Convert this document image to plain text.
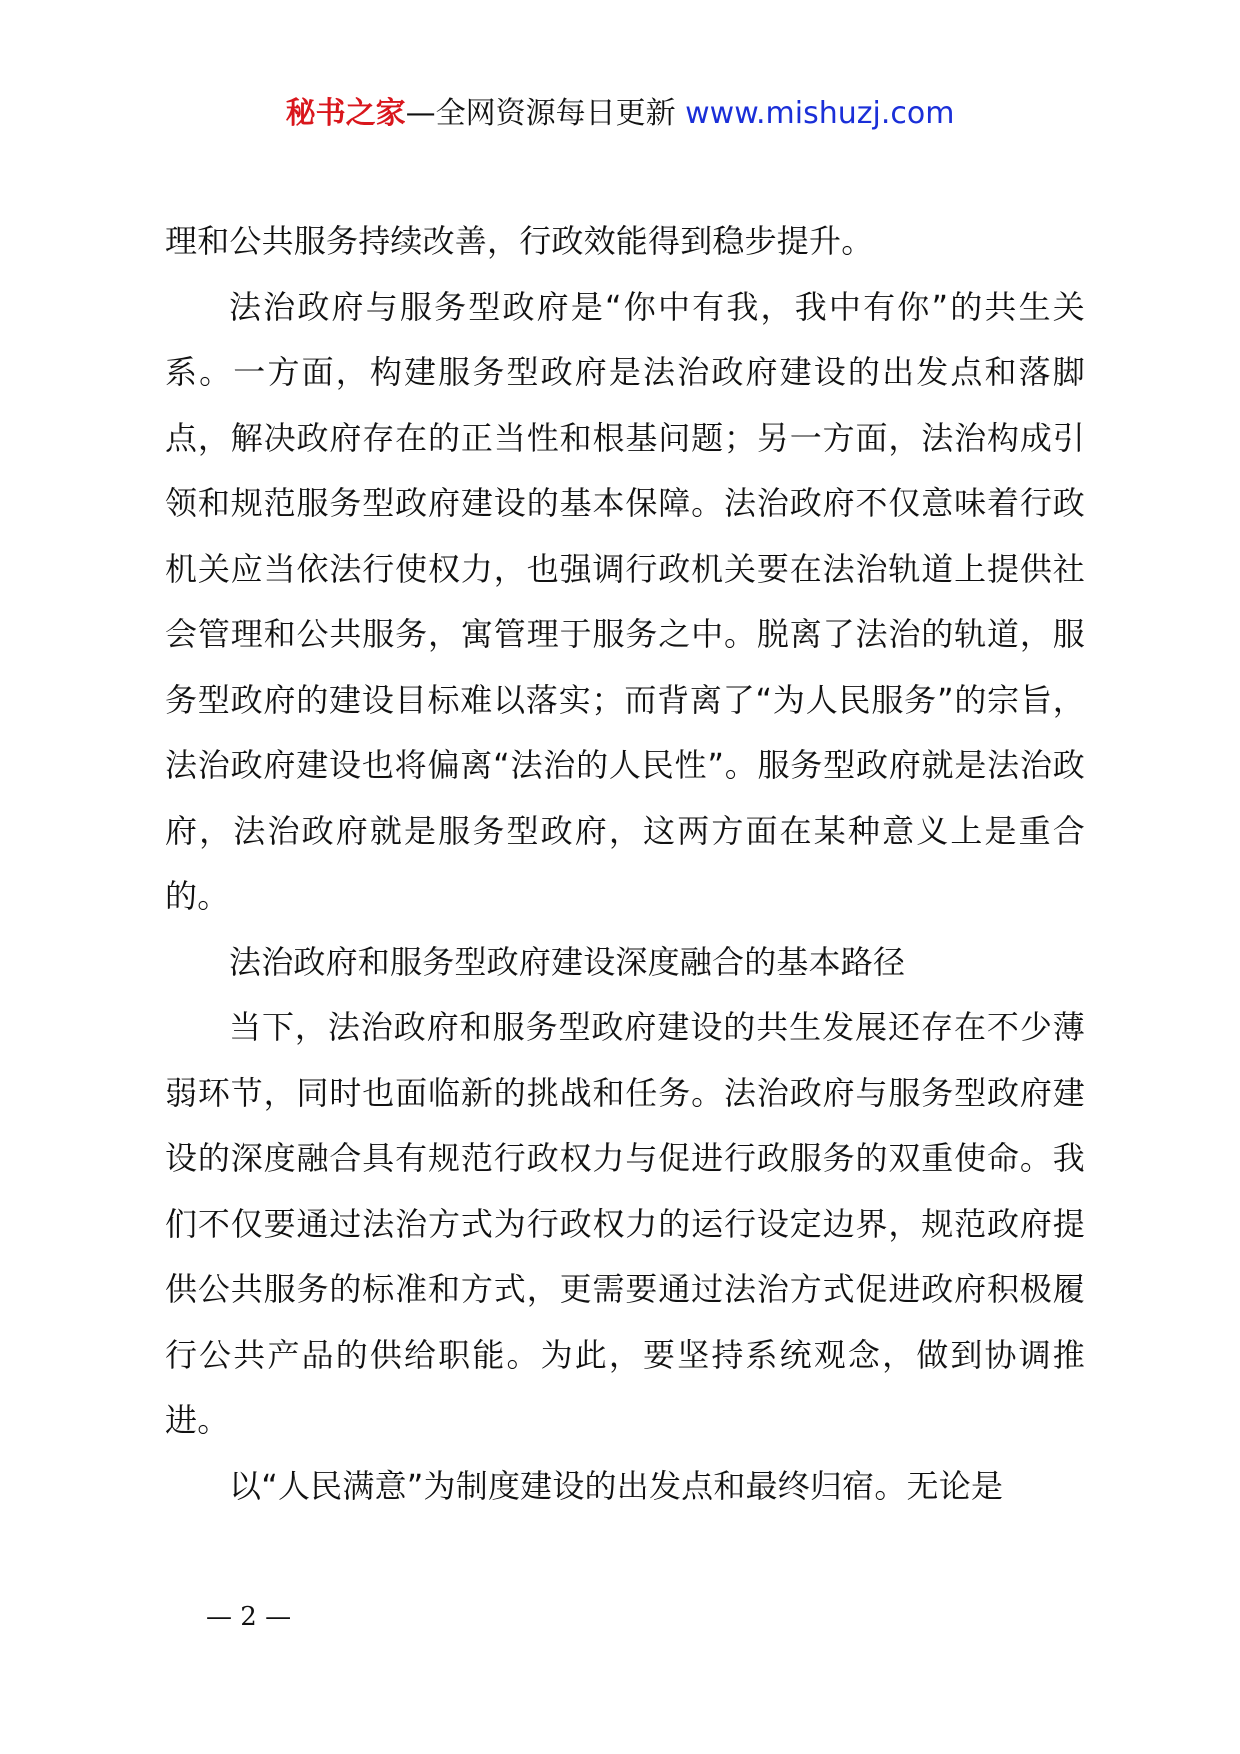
秘书之家—全网资源每日更新 www.mishuzj.com

理和公共服务持续改善，行政效能得到稳步提升。

法治政府与服务型政府是“你中有我，我中有你”的共生关系。一方面，构建服务型政府是法治政府建设的出发点和落脚点，解决政府存在的正当性和根基问题；另一方面，法治构成引领和规范服务型政府建设的基本保障。法治政府不仅意味着行政机关应当依法行使权力，也强调行政机关要在法治轨道上提供社会管理和公共服务，寓管理于服务之中。脱离了法治的轨道，服务型政府的建设目标难以落实；而背离了“为人民服务”的宗旨，法治政府建设也将偏离“法治的人民性”。服务型政府就是法治政府，法治政府就是服务型政府，这两方面在某种意义上是重合的。

法治政府和服务型政府建设深度融合的基本路径

当下，法治政府和服务型政府建设的共生发展还存在不少薄弱环节，同时也面临新的挑战和任务。法治政府与服务型政府建设的深度融合具有规范行政权力与促进行政服务的双重使命。我们不仅要通过法治方式为行政权力的运行设定边界，规范政府提供公共服务的标准和方式，更需要通过法治方式促进政府积极履行公共产品的供给职能。为此，要坚持系统观念，做到协调推进。

以“人民满意”为制度建设的出发点和最终归宿。无论是

— 2 —
